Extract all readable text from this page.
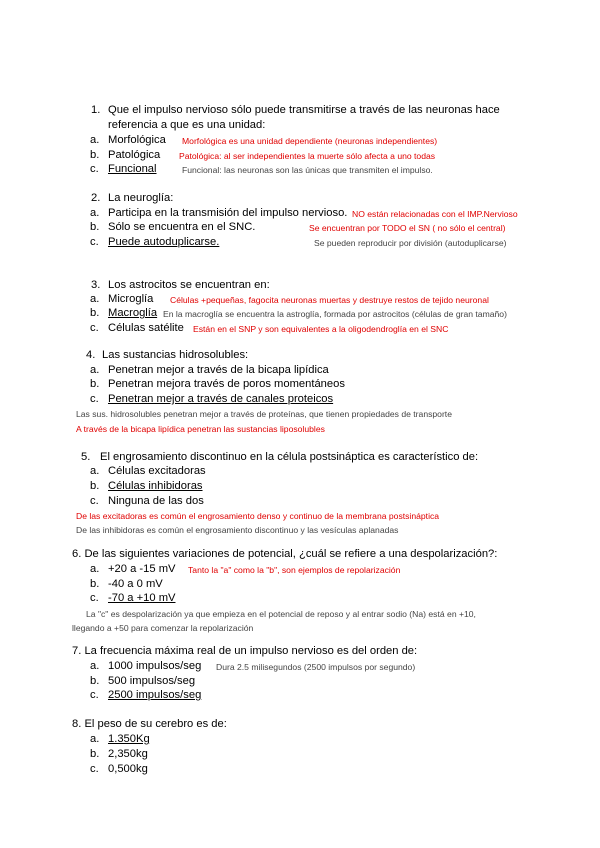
1. Que el impulso nervioso sólo puede transmitirse a través de las neuronas hace
referencia a que es una unidad:
a. Morfológica Morfológica es una unidad dependiente (neuronas independientes)
b. Patológica Patológica: al ser independientes la muerte sólo afecta a uno todas
c. Funcional	Funcional: las neuronas son las únicas que transmiten el impulso.
2. La neuroglía:
a. Participa en la transmisión del impulso nervioso. NO están relacionadas con el IMP.Nervioso
b. Sólo se encuentra en el SNC.	Se encuentran por TODO el SN ( no sólo el central)
c. Puede autoduplicarse.	Se pueden reproducir por división (autoduplicarse)
3. Los astrocitos se encuentran en:
a. Microglía Células +pequeñas, fagocita neuronas muertas y destruye restos de tejido neuronal
b. Macroglía En la macroglía se encuentra la astroglía, formada por astrocitos (células de gran tamaño)
c. Células satélite Están en el SNP y son equivalentes a la oligodendroglía en el SNC
4. Las sustancias hidrosolubles:
a. Penetran mejor a través de la bicapa lipídica
b. Penetran mejora través de poros momentáneos
c. Penetran mejor a través de canales proteicos
Las sus. hidrosolubles penetran mejor a través de proteínas, que tienen propiedades de transporte
A través de la bicapa lipídica penetran las sustancias liposolubles
5. El engrosamiento discontinuo en la célula postsináptica es característico de:
a. Células excitadoras
b. Células inhibidoras
c. Ninguna de las dos
De las excitadoras es común el engrosamiento denso y continuo de la membrana postsináptica
De las inhibidoras es común el engrosamiento discontinuo y las vesículas aplanadas
6. De las siguientes variaciones de potencial, ¿cuál se refiere a una despolarización?:
a. +20 a -15 mV Tanto la "a" como la "b", son ejemplos de repolarización
b. -40 a 0 mV
c. -70 a +10 mV
La "c" es despolarización ya que empieza en el potencial de reposo y al entrar sodio (Na) está en +10,
llegando a +50 para comenzar la repolarización
7. La frecuencia máxima real de un impulso nervioso es del orden de:
a. 1000 impulsos/seg Dura 2.5 milisegundos (2500 impulsos por segundo)
b. 500 impulsos/seg
c. 2500 impulsos/seg
8. El peso de su cerebro es de:
a. 1.350Kg
b. 2,350kg
c. 0,500kg
